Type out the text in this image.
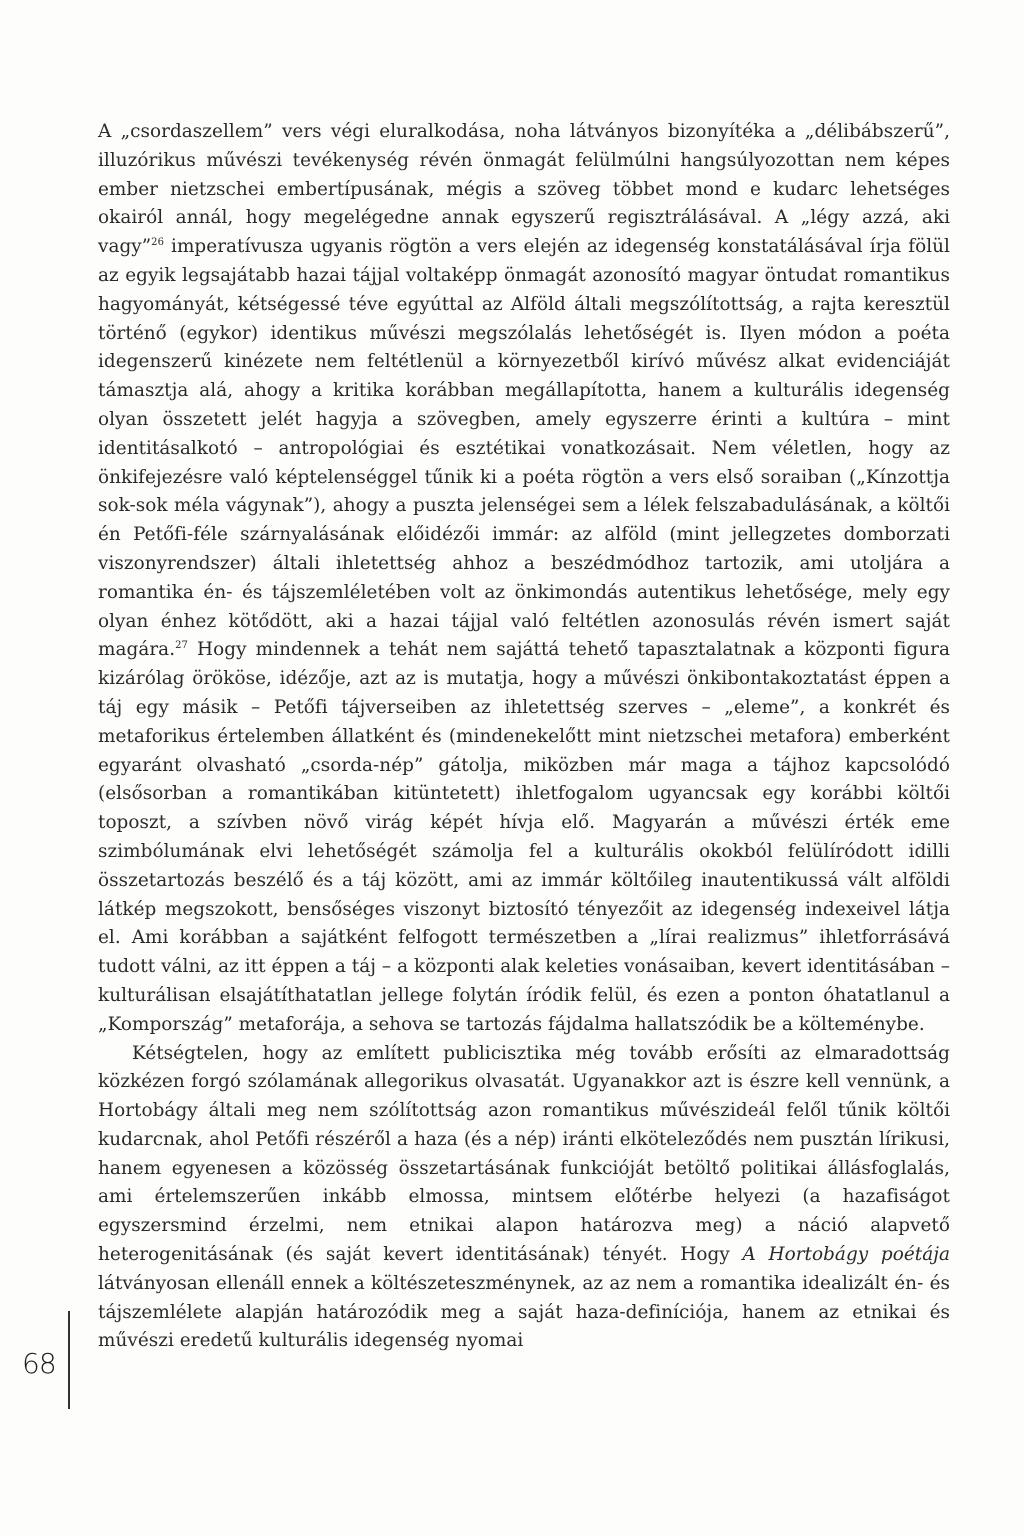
A „csordaszellem” vers végi eluralkodása, noha látványos bizonyítéka a „délibábszerű”, illuzórikus művészi tevékenység révén önmagát felülmúlni hangsúlyozottan nem képes ember nietzschei embertípusának, mégis a szöveg többet mond e kudarc lehetséges okairól annál, hogy megelégedne annak egyszerű regisztrálásával. A „légy azzá, aki vagy”$^{26}$ imperatívusza ugyanis rögtön a vers elején az idegenség konstatálásával írja fölül az egyik legsajátabb hazai tájjal voltaképp önmagát azonosító magyar öntudat romantikus hagyományát, kétségessé téve egyúttal az Alföld általi megszólítottság, a rajta keresztül történő (egykor) identikus művészi megszólalás lehetőségét is. Ilyen módon a poéta idegenszerű kinézete nem feltétlenül a környezetből kirívó művész alkat evidenciáját támasztja alá, ahogy a kritika korábban megállapította, hanem a kulturális idegenség olyan összetett jelét hagyja a szövegben, amely egyszerre érinti a kultúra – mint identitásalkotó – antropológiai és esztétikai vonatkozásait. Nem véletlen, hogy az önkifejezésre való képtelenséggel tűnik ki a poéta rögtön a vers első soraiban („Kínzottja sok-sok méla vágynak”), ahogy a puszta jelenségei sem a lélek felszabadulásának, a költői én Petőfi-féle szárnyalásának előidézői immár: az alföld (mint jellegzetes domborzati viszonyrendszer) általi ihletettség ahhoz a beszédmódhoz tartozik, ami utoljára a romantika én- és tájszemléletében volt az önkimondás autentikus lehetősége, mely egy olyan énhez kötődött, aki a hazai tájjal való feltétlen azonosulás révén ismert saját magára.$^{27}$ Hogy mindennek a tehát nem sajáttá tehető tapasztalatnak a központi figura kizárólag örököse, idézője, azt az is mutatja, hogy a művészi önkibontakoztatást éppen a táj egy másik – Petőfi tájverseiben az ihletettség szerves – „eleme”, a konkrét és metaforikus értelemben állatként és (mindenekelőtt mint nietzschei metafora) emberként egyaránt olvasható „csorda-nép” gátolja, miközben már maga a tájhoz kapcsolódó (elsősorban a romantikában kitüntetett) ihletfogalom ugyancsak egy korábbi költői toposzt, a szívben növő virág képét hívja elő. Magyarán a művészi érték eme szimbólumának elvi lehetőségét számolja fel a kulturális okokból felülíródott idilli összetartozás beszélő és a táj között, ami az immár költőileg inautentikussá vált alföldi látkép megszokott, bensőséges viszonyt biztosító tényezőit az idegenség indexeivel látja el. Ami korábban a sajátként felfogott természetben a „lírai realizmus” ihletforrásává tudott válni, az itt éppen a táj – a központi alak keleties vonásaiban, kevert identitásában – kulturálisan elsajátíthatatlan jellege folytán íródik felül, és ezen a ponton óhatatlanul a „Kompország” metaforája, a sehova se tartozás fájdalma hallatszódik be a költeménybe.

Kétségtelen, hogy az említett publicisztika még tovább erősíti az elmaradottság közkézen forgó szólamának allegorikus olvasatát. Ugyanakkor azt is észre kell vennünk, a Hortobágy általi meg nem szólítottság azon romantikus művészideál felől tűnik költői kudarcnak, ahol Petőfi részéről a haza (és a nép) iránti elköteleződés nem pusztán lírikusi, hanem egyenesen a közösség összetartásának funkcióját betöltő politikai állásfoglalás, ami értelemszerűen inkább elmossa, mintsem előtérbe helyezi (a hazafiságot egyszersmind érzelmi, nem etnikai alapon határozva meg) a náció alapvető heterogenitásának (és saját kevert identitásának) tényét. Hogy A Hortobágy poétája látványosan ellenáll ennek a költészeteszménynek, az az nem a romantika idealizált én- és tájszemlélete alapján határozódik meg a saját haza-definíciója, hanem az etnikai és művészi eredetű kulturális idegenség nyomai

68
